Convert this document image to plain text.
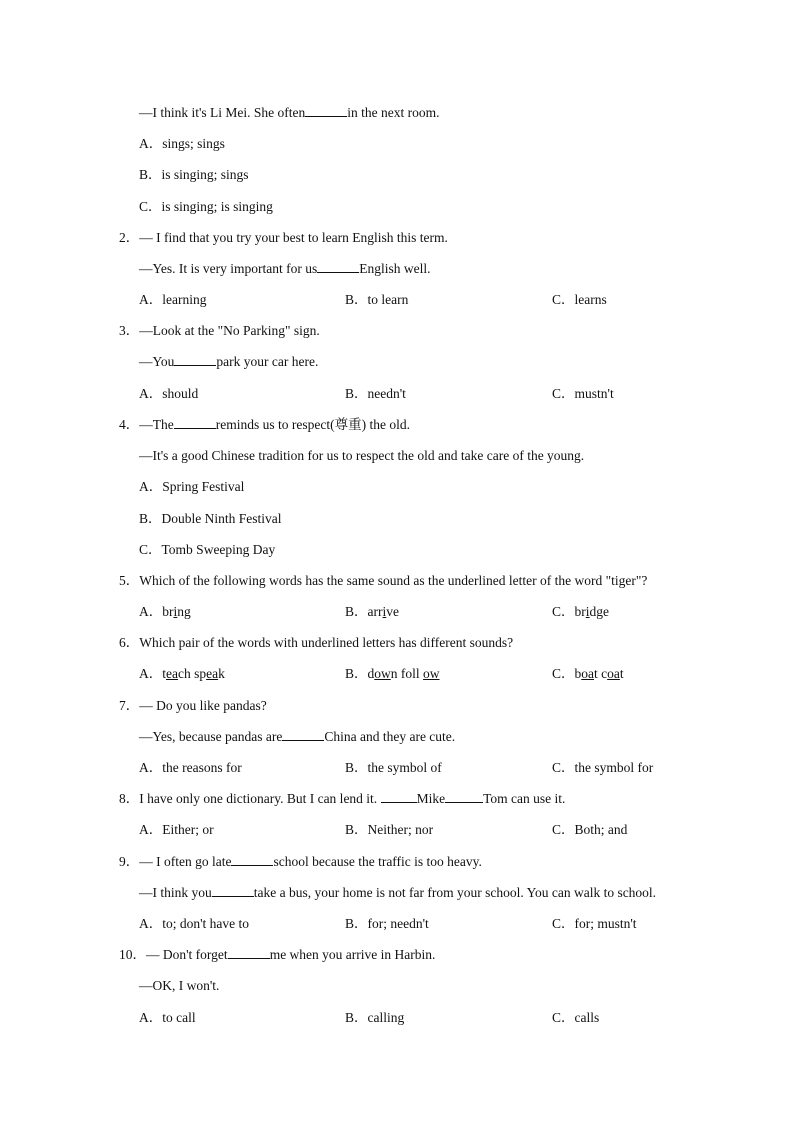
—I think it's Li Mei. She often	in the next room.
A．sings; sings
B．is singing; sings
C．is singing; is singing
2．— I find that you try your best to learn English this term.
—Yes. It is very important for us	English well.
A．learning	B．to learn	C．learns
3．—Look at the "No Parking" sign.
—You	park your car here.
A．should	B．needn't	C．mustn't
4．—The	reminds us to respect(尊重) the old.
—It's a good Chinese tradition for us to respect the old and take care of the young.
A．Spring Festival
B．Double Ninth Festival
C．Tomb Sweeping Day
5．Which of the following words has the same sound as the underlined letter of the word "tiger"?
A．bring	B．arrive	C．bridge
6．Which pair of the words with underlined letters has different sounds?
A．teach speak	B．down foll ow	C．boat coat
7．— Do you like pandas?
—Yes, because pandas are	China and they are cute.
A．the reasons for	B．the symbol of	C．the symbol for
8．I have only one dictionary. But I can lend it.	Mike	Tom can use it.
A．Either; or	B．Neither; nor	C．Both; and
9．— I often go late	school because the traffic is too heavy.
—I think you	take a bus, your home is not far from your school. You can walk to school.
A．to; don't have to	B．for; needn't	C．for; mustn't
10．— Don't forget	me when you arrive in Harbin.
—OK, I won't.
A．to call	B．calling	C．calls
